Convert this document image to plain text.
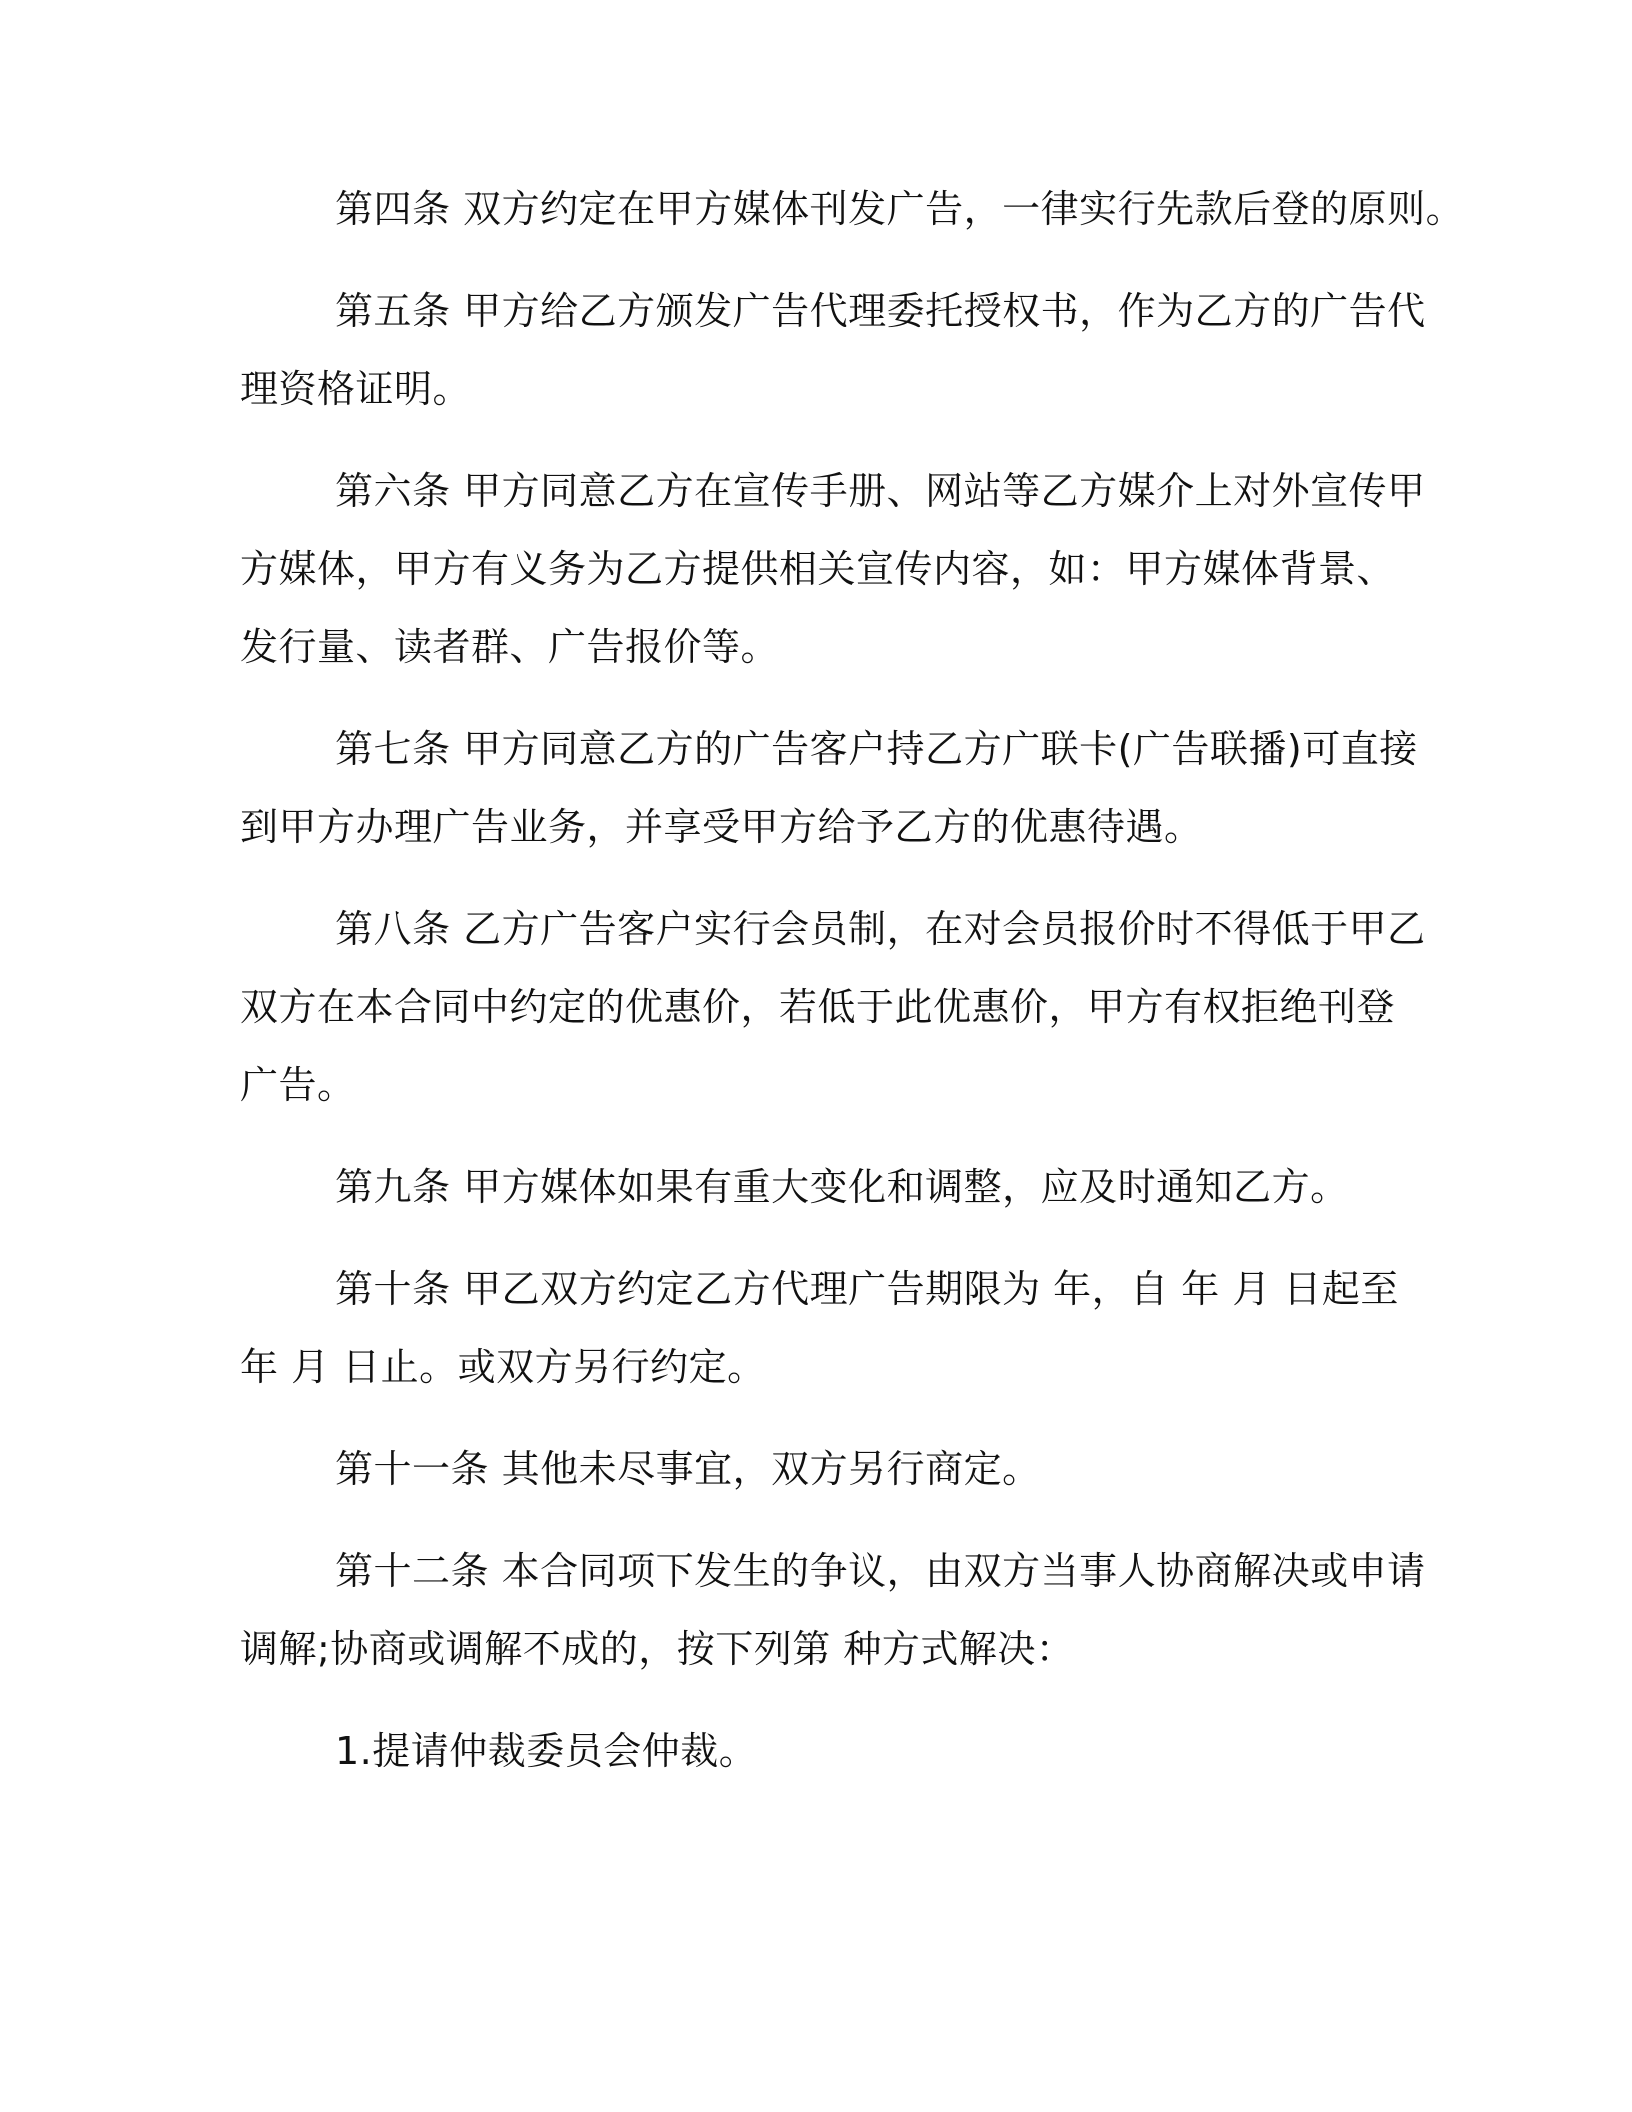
第四条 双方约定在甲方媒体刊发广告，一律实行先款后登的原则。
第五条 甲方给乙方颁发广告代理委托授权书，作为乙方的广告代
理资格证明。
第六条 甲方同意乙方在宣传手册、网站等乙方媒介上对外宣传甲
方媒体，甲方有义务为乙方提供相关宣传内容，如：甲方媒体背景、
发行量、读者群、广告报价等。
第七条 甲方同意乙方的广告客户持乙方广联卡(广告联播)可直接
到甲方办理广告业务，并享受甲方给予乙方的优惠待遇。
第八条 乙方广告客户实行会员制，在对会员报价时不得低于甲乙
双方在本合同中约定的优惠价，若低于此优惠价，甲方有权拒绝刊登
广告。
第九条 甲方媒体如果有重大变化和调整，应及时通知乙方。
第十条 甲乙双方约定乙方代理广告期限为 年，自 年 月 日起至
年 月 日止。或双方另行约定。
第十一条 其他未尽事宜，双方另行商定。
第十二条 本合同项下发生的争议，由双方当事人协商解决或申请
调解;协商或调解不成的，按下列第 种方式解决：
1.提请仲裁委员会仲裁。
